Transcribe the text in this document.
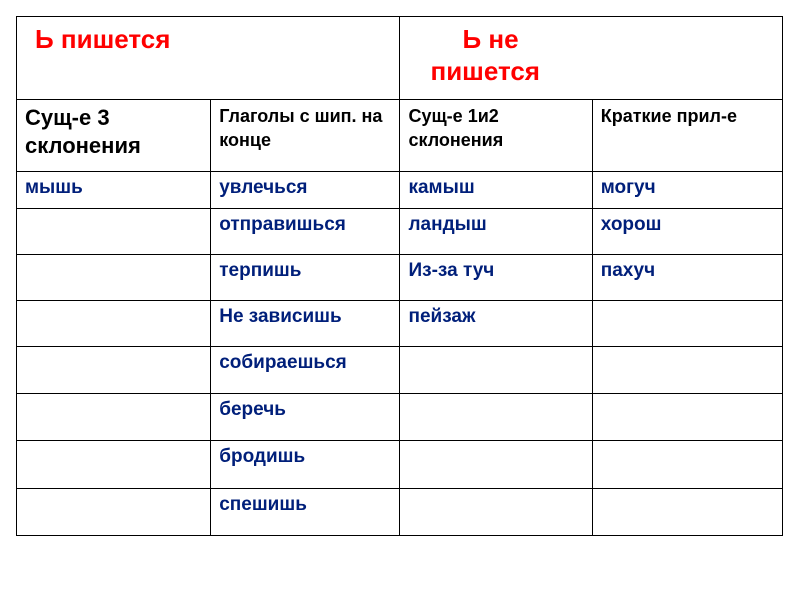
Ь пишется		Ь не
пишется	

Сущ-е 3 склонения	Глаголы с шип. на конце	Сущ-е 1и2 склонения	Краткие прил-е
мышь	увлечься	камыш	могуч
	отправишься	ландыш	хорош
	терпишь	Из-за туч	пахуч
	Не зависишь	пейзаж	
	собираешься		
	беречь		
	бродишь		
	спешишь		
